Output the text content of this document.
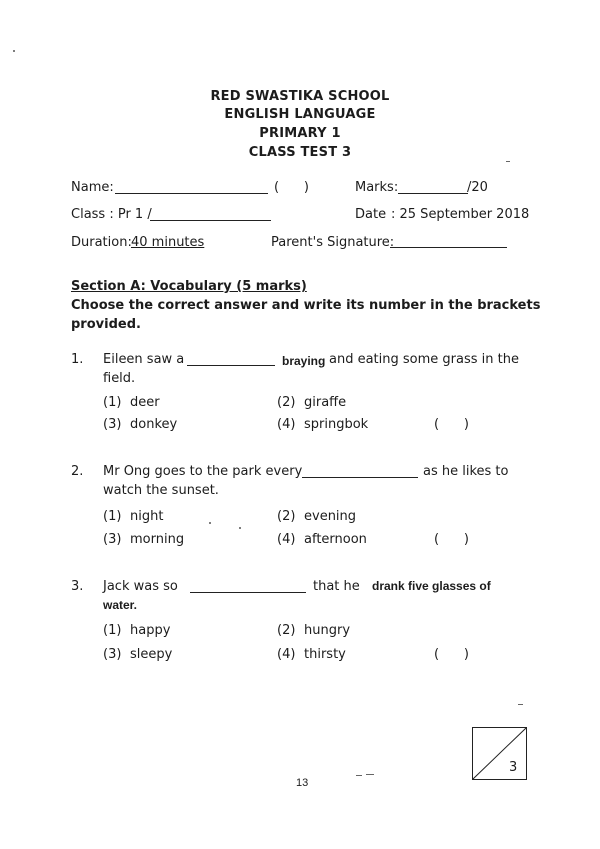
RED SWASTIKA SCHOOL
ENGLISH LANGUAGE
PRIMARY 1
CLASS TEST 3
Name:	(      )	Marks:	/20
Class : Pr 1 /	Date : 25 September 2018
Duration: 40 minutes	Parent's Signature:
Section A: Vocabulary (5 marks)
Choose the correct answer and write its number in the brackets
provided.
1. Eileen saw a	braying and eating some grass in the
field.
(1) deer	(2) giraffe
(3) donkey	(4) springbok	(      )
2. Mr Ong goes to the park every	as he likes to
watch the sunset.
(1) night	(2) evening
(3) morning	(4) afternoon	(      )
3. Jack was so	that he drank five glasses of
water.
(1) happy	(2) hungry
(3) sleepy	(4) thirsty	(      )
3
13
